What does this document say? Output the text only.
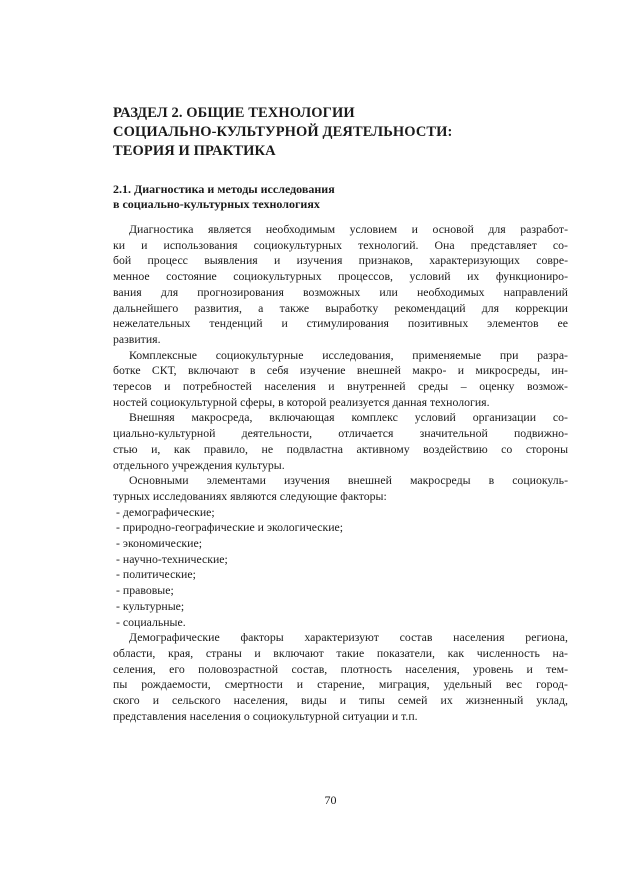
РАЗДЕЛ 2. ОБЩИЕ ТЕХНОЛОГИИ
СОЦИАЛЬНО-КУЛЬТУРНОЙ ДЕЯТЕЛЬНОСТИ:
ТЕОРИЯ И ПРАКТИКА
2.1. Диагностика и методы исследования
в социально-культурных технологиях

Диагностика является необходимым условием и основой для разработ-
ки и использования социокультурных технологий. Она представляет со-
бой процесс выявления и изучения признаков, характеризующих совре-
менное состояние социокультурных процессов, условий их функциониро-
вания для прогнозирования возможных или необходимых направлений
дальнейшего развития, а также выработку рекомендаций для коррекции
нежелательных тенденций и стимулирования позитивных элементов ее
развития.

Комплексные социокультурные исследования, применяемые при разра-
ботке СКТ, включают в себя изучение внешней макро- и микросреды, ин-
тересов и потребностей населения и внутренней среды – оценку возмож-
ностей социокультурной сферы, в которой реализуется данная технология.

Внешняя макросреда, включающая комплекс условий организации со-
циально-культурной деятельности, отличается значительной подвижно-
стью и, как правило, не подвластна активному воздействию со стороны
отдельного учреждения культуры.

Основными элементами изучения внешней макросреды в социокуль-
турных исследованиях являются следующие факторы:

- демографические;
- природно-географические и экологические;
- экономические;
- научно-технические;
- политические;
- правовые;
- культурные;
- социальные.

Демографические факторы характеризуют состав населения региона,
области, края, страны и включают такие показатели, как численность на-
селения, его половозрастной состав, плотность населения, уровень и тем-
пы рождаемости, смертности и старение, миграция, удельный вес город-
ского и сельского населения, виды и типы семей их жизненный уклад,
представления населения о социокультурной ситуации и т.п.

70
